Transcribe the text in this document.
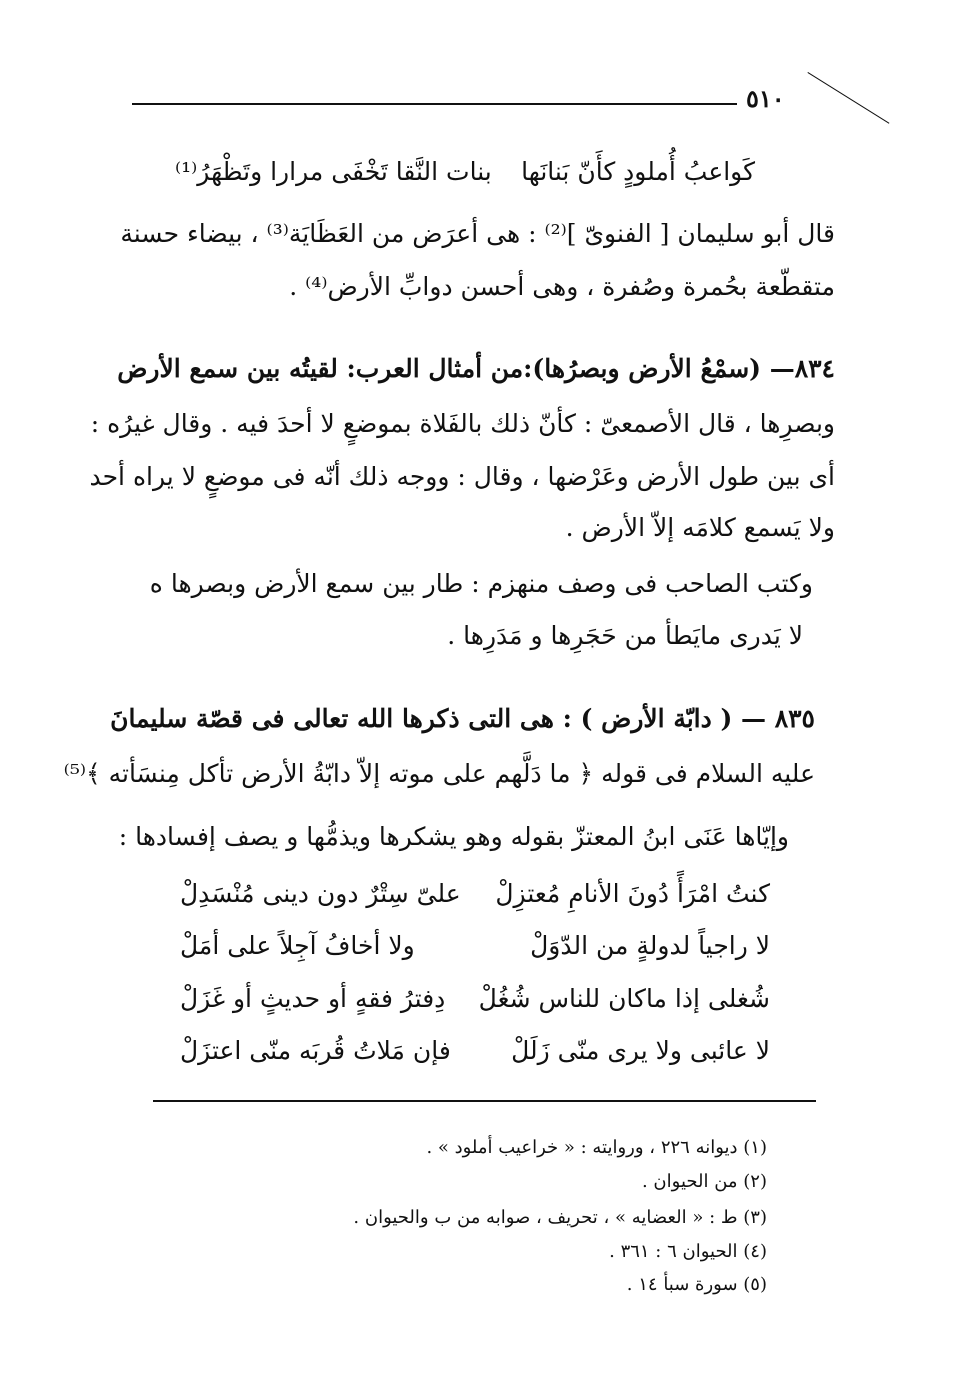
٥١٠
كَواعبُ أُملودٍ كأَنّ بَنانَها
بنات النَّقا تَخْفَى مرارا وتَظْهَرُ⁽¹⁾
قال أبو سليمان [ الفنوىّ ]⁽²⁾ : هى أعرَض من العَظَايَة⁽³⁾ ، بيضاء حسنة
متقطّعة بحُمرة وصُفرة ، وهى أحسن دوابِّ الأرض⁽⁴⁾ .
٨٣٤— (سمْعُ الأرض وبصرُها):من أمثال العرب: لقيتُه بين سمع الأرض
وبصرِها ، قال الأصمعىّ : كأنّ ذلك بالفَلاة بموضعٍ لا أحدَ فيه . وقال غيرُه :
أى بين طول الأرض وعَرْضها ، وقال : ووجه ذلك أنّه فى موضعٍ لا يراه أحد
ولا يَسمع كلامَه إلاّ الأرض .
وكتب الصاحب فى وصف منهزم : طار بين سمع الأرض وبصرها ه
لا يَدرى مايَطأ من حَجَرِها و مَدَرِها .
٨٣٥ — ( دابّة الأرض ) : هى التى ذكرها الله تعالى فى قصّة سليمانَ
عليه السلام فى قوله ﴿ ما دَلَّهم على موته إلاّ دابّةُ الأرض تأكل مِنسَأته ﴾⁽⁵⁾
وإيّاها عَنَى ابنُ المعتزّ بقوله وهو يشكرها ويذمُّها و يصف إفسادها :
كنتُ امْرَأً دُونَ الأنامِ مُعتزِلْ
علىّ سِتْرٌ دون دينى مُنْسَدِلْ
لا راجياً لدولةٍ من الدّوَلْ
ولا أخافُ آجِلاً على أمَلْ
شُغلى إذا ماكان للناس شُغُلْ
دِفترُ فقهٍ أو حديثٍ أو غَزَلْ
لا عائبى ولا يرى منّى زَلَلْ
فإن مَلاتُ قُربَه منّى اعتزَلْ
(١) ديوانه ٢٢٦ ، وروايته : « خراعيب أملود » .
(٢) من الحيوان .
(٣) ط : « العضايه » ، تحريف ، صوابه من ب والحيوان .
(٤) الحيوان ٦ : ٣٦١ .
(٥) سورة سبأ ١٤ .
